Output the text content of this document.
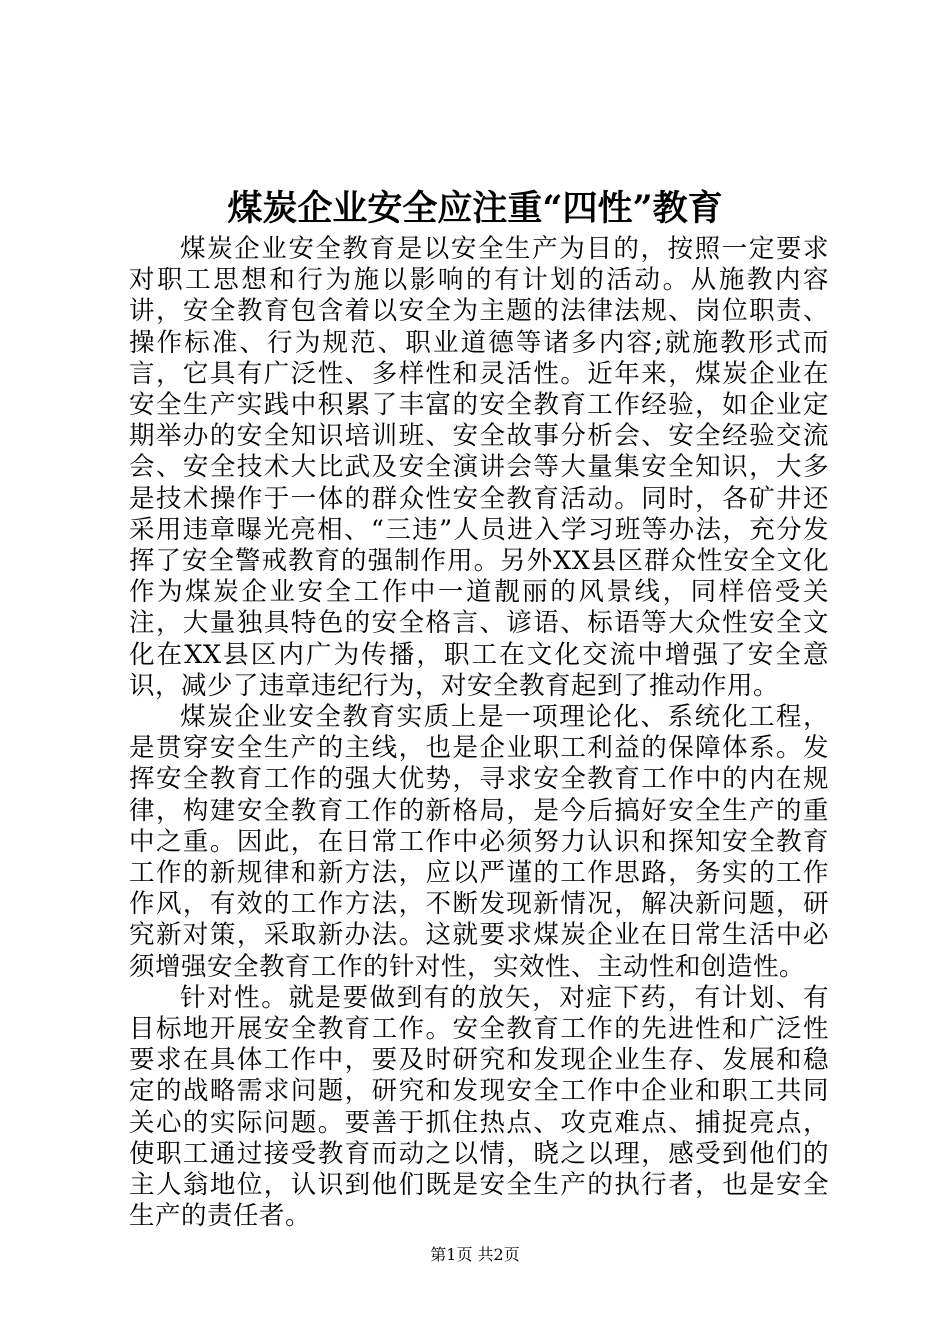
煤炭企业安全应注重“四性”教育

煤炭企业安全教育是以安全生产为目的，按照一定要求对职工思想和行为施以影响的有计划的活动。从施教内容讲，安全教育包含着以安全为主题的法律法规、岗位职责、操作标准、行为规范、职业道德等诸多内容;就施教形式而言，它具有广泛性、多样性和灵活性。近年来，煤炭企业在安全生产实践中积累了丰富的安全教育工作经验，如企业定期举办的安全知识培训班、安全故事分析会、安全经验交流会、安全技术大比武及安全演讲会等大量集安全知识，大多是技术操作于一体的群众性安全教育活动。同时，各矿井还采用违章曝光亮相、“三违”人员进入学习班等办法，充分发挥了安全警戒教育的强制作用。另外XX县区群众性安全文化作为煤炭企业安全工作中一道靓丽的风景线，同样倍受关注，大量独具特色的安全格言、谚语、标语等大众性安全文化在XX县区内广为传播，职工在文化交流中增强了安全意识，减少了违章违纪行为，对安全教育起到了推动作用。

煤炭企业安全教育实质上是一项理论化、系统化工程，是贯穿安全生产的主线，也是企业职工利益的保障体系。发挥安全教育工作的强大优势，寻求安全教育工作中的内在规律，构建安全教育工作的新格局，是今后搞好安全生产的重中之重。因此，在日常工作中必须努力认识和探知安全教育工作的新规律和新方法，应以严谨的工作思路，务实的工作作风，有效的工作方法，不断发现新情况，解决新问题，研究新对策，采取新办法。这就要求煤炭企业在日常生活中必须增强安全教育工作的针对性，实效性、主动性和创造性。

针对性。就是要做到有的放矢，对症下药，有计划、有目标地开展安全教育工作。安全教育工作的先进性和广泛性要求在具体工作中，要及时研究和发现企业生存、发展和稳定的战略需求问题，研究和发现安全工作中企业和职工共同关心的实际问题。要善于抓住热点、攻克难点、捕捉亮点，使职工通过接受教育而动之以情，晓之以理，感受到他们的主人翁地位，认识到他们既是安全生产的执行者，也是安全生产的责任者。

第1页 共2页
